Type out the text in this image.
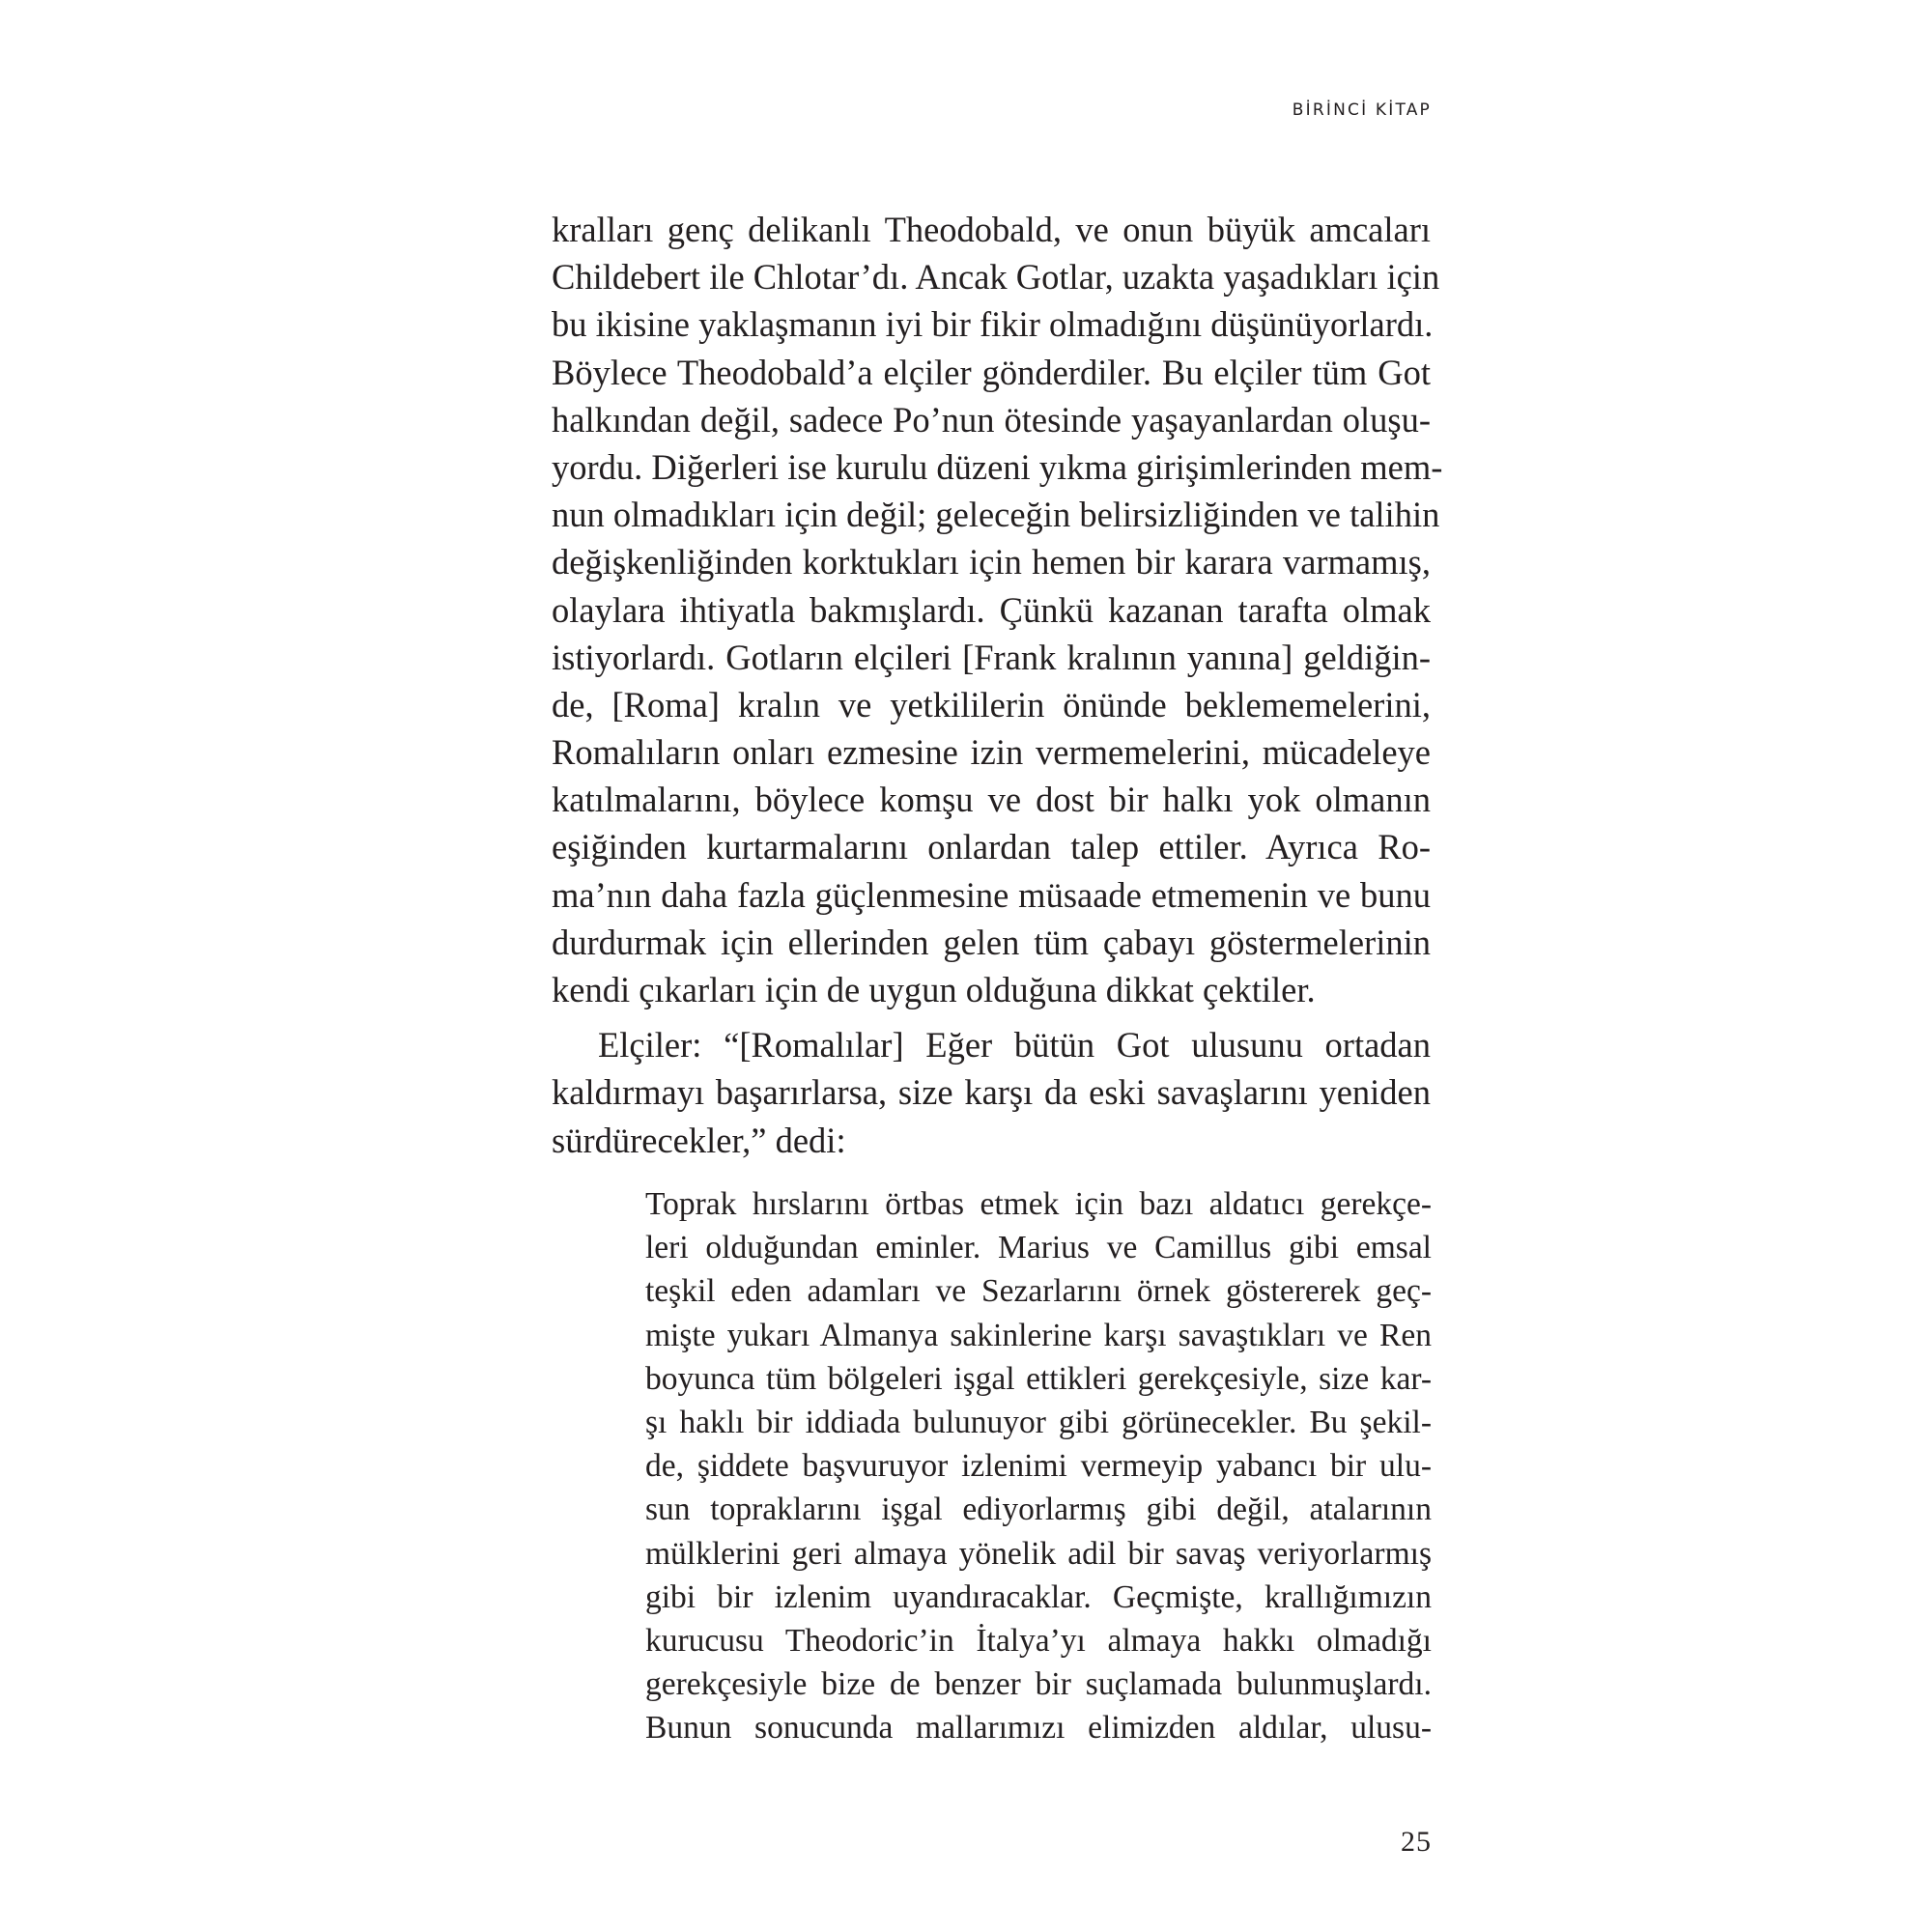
BİRİNCİ KİTAP
kralları genç delikanlı Theodobald, ve onun büyük amcaları
Childebert ile Chlotar’dı. Ancak Gotlar, uzakta yaşadıkları için
bu ikisine yaklaşmanın iyi bir fikir olmadığını düşünüyorlardı.
Böylece Theodobald’a elçiler gönderdiler. Bu elçiler tüm Got
halkından değil, sadece Po’nun ötesinde yaşayanlardan oluşu-
yordu. Diğerleri ise kurulu düzeni yıkma girişimlerinden mem-
nun olmadıkları için değil; geleceğin belirsizliğinden ve talihin
değişkenliğinden korktukları için hemen bir karara varmamış,
olaylara ihtiyatla bakmışlardı. Çünkü kazanan tarafta olmak
istiyorlardı. Gotların elçileri [Frank kralının yanına] geldiğin-
de, [Roma] kralın ve yetkililerin önünde beklememelerini,
Romalıların onları ezmesine izin vermemelerini, mücadeleye
katılmalarını, böylece komşu ve dost bir halkı yok olmanın
eşiğinden kurtarmalarını onlardan talep ettiler. Ayrıca Ro-
ma’nın daha fazla güçlenmesine müsaade etmemenin ve bunu
durdurmak için ellerinden gelen tüm çabayı göstermelerinin
kendi çıkarları için de uygun olduğuna dikkat çektiler.
Elçiler: “[Romalılar] Eğer bütün Got ulusunu ortadan
kaldırmayı başarırlarsa, size karşı da eski savaşlarını yeniden
sürdürecekler,” dedi:
Toprak hırslarını örtbas etmek için bazı aldatıcı gerekçe-
leri olduğundan eminler. Marius ve Camillus gibi emsal
teşkil eden adamları ve Sezarlarını örnek göstererek geç-
mişte yukarı Almanya sakinlerine karşı savaştıkları ve Ren
boyunca tüm bölgeleri işgal ettikleri gerekçesiyle, size kar-
şı haklı bir iddiada bulunuyor gibi görünecekler. Bu şekil-
de, şiddete başvuruyor izlenimi vermeyip yabancı bir ulu-
sun topraklarını işgal ediyorlarmış gibi değil, atalarının
mülklerini geri almaya yönelik adil bir savaş veriyorlarmış
gibi bir izlenim uyandıracaklar. Geçmişte, krallığımızın
kurucusu Theodoric’in İtalya’yı almaya hakkı olmadığı
gerekçesiyle bize de benzer bir suçlamada bulunmuşlardı.
Bunun sonucunda mallarımızı elimizden aldılar, ulusu-
25
